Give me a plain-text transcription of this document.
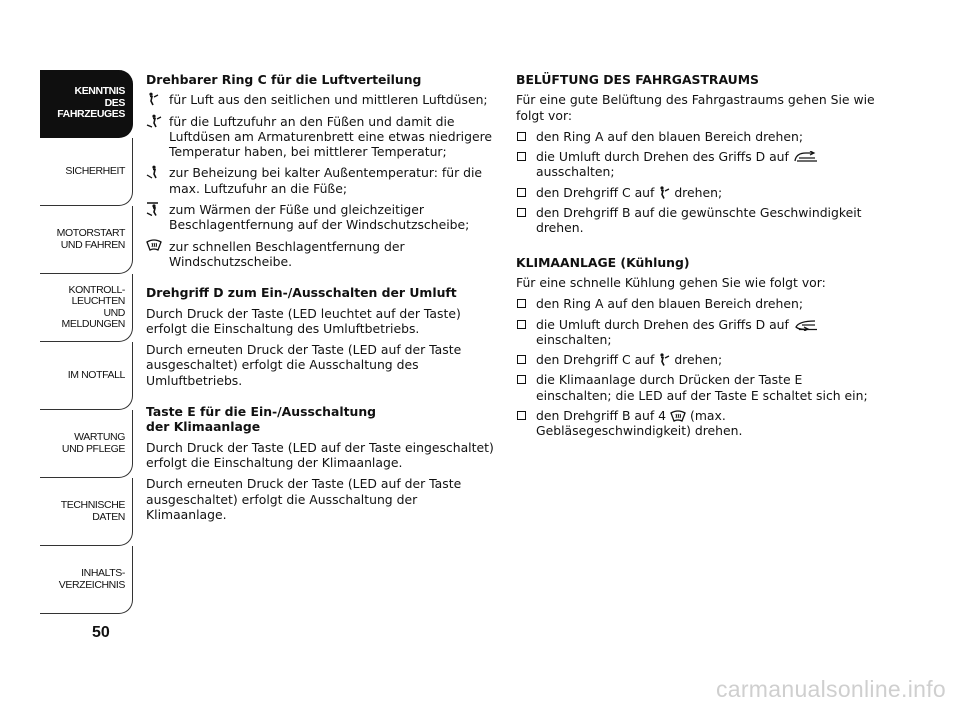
KENNTNIS
DES FAHRZEUGES
SICHERHEIT
MOTORSTART
UND FAHREN
KONTROLL-
LEUCHTEN
UND MELDUNGEN
IM NOTFALL
WARTUNG
UND PFLEGE
TECHNISCHE
DATEN
INHALTS-
VERZEICHNIS
50
Drehbarer Ring C für die Luftverteilung
für Luft aus den seitlichen und mittleren Luftdüsen;
für die Luftzufuhr an den Füßen und damit die Luftdüsen am Armaturenbrett eine etwas niedrigere Temperatur haben, bei mittlerer Temperatur;
zur Beheizung bei kalter Außentemperatur: für die max. Luftzufuhr an die Füße;
zum Wärmen der Füße und gleichzeitiger Beschlagentfernung auf der Windschutzscheibe;
zur schnellen Beschlagentfernung der Windschutzscheibe.
Drehgriff D zum Ein-/Ausschalten der Umluft

Durch Druck der Taste (LED leuchtet auf der Taste) erfolgt die Einschaltung des Umluftbetriebs.

Durch erneuten Druck der Taste (LED auf der Taste ausgeschaltet) erfolgt die Ausschaltung des Umluftbetriebs.

Taste E für die Ein-/Ausschaltung der Klimaanlage

Durch Druck der Taste (LED auf der Taste eingeschaltet) erfolgt die Einschaltung der Klimaanlage.

Durch erneuten Druck der Taste (LED auf der Taste ausgeschaltet) erfolgt die Ausschaltung der Klimaanlage.

BELÜFTUNG DES FAHRGASTRAUMS

Für eine gute Belüftung des Fahrgastraums gehen Sie wie folgt vor:

den Ring A auf den blauen Bereich drehen;
die Umluft durch Drehen des Griffs D auf
ausschalten;
den Drehgriff C auf drehen;
den Drehgriff B auf die gewünschte Geschwindigkeit drehen.
KLIMAANLAGE (Kühlung)

Für eine schnelle Kühlung gehen Sie wie folgt vor:

den Ring A auf den blauen Bereich drehen;
die Umluft durch Drehen des Griffs D auf
einschalten;
den Drehgriff C auf drehen;
die Klimaanlage durch Drücken der Taste E einschalten; die LED auf der Taste E schaltet sich ein;
den Drehgriff B auf 4 (max. Gebläsegeschwindigkeit) drehen.
carmanualsonline.info
